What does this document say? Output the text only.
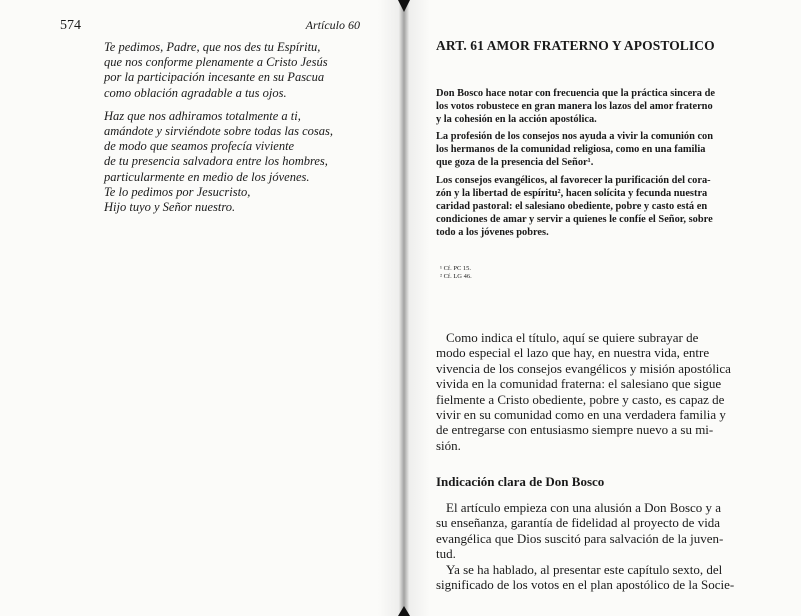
574	Artículo 60

Te pedimos, Padre, que nos des tu Espíritu,
que nos conforme plenamente a Cristo Jesús
por la participación incesante en su Pascua
como oblación agradable a tus ojos.

Haz que nos adhiramos totalmente a ti,
amándote y sirviéndote sobre todas las cosas,
de modo que seamos profecía viviente
de tu presencia salvadora entre los hombres,
particularmente en medio de los jóvenes.
Te lo pedimos por Jesucristo,
Hijo tuyo y Señor nuestro.

ART. 61 AMOR FRATERNO Y APOSTOLICO

Don Bosco hace notar con frecuencia que la práctica sincera de
los votos robustece en gran manera los lazos del amor fraterno
y la cohesión en la acción apostólica.

La profesión de los consejos nos ayuda a vivir la comunión con
los hermanos de la comunidad religiosa, como en una familia
que goza de la presencia del Señor¹.

Los consejos evangélicos, al favorecer la purificación del cora-
zón y la libertad de espíritu², hacen solícita y fecunda nuestra
caridad pastoral: el salesiano obediente, pobre y casto está en
condiciones de amar y servir a quienes le confíe el Señor, sobre
todo a los jóvenes pobres.

¹ Cf. PC 15.
² Cf. LG 46.
Como indica el título, aquí se quiere subrayar de
modo especial el lazo que hay, en nuestra vida, entre
vivencia de los consejos evangélicos y misión apostólica
vivida en la comunidad fraterna: el salesiano que sigue
fielmente a Cristo obediente, pobre y casto, es capaz de
vivir en su comunidad como en una verdadera familia y
de entregarse con entusiasmo siempre nuevo a su mi-
sión.
Indicación clara de Don Bosco

El artículo empieza con una alusión a Don Bosco y a
su enseñanza, garantía de fidelidad al proyecto de vida
evangélica que Dios suscitó para salvación de la juven-
tud.

Ya se ha hablado, al presentar este capítulo sexto, del
significado de los votos en el plan apostólico de la Socie-
